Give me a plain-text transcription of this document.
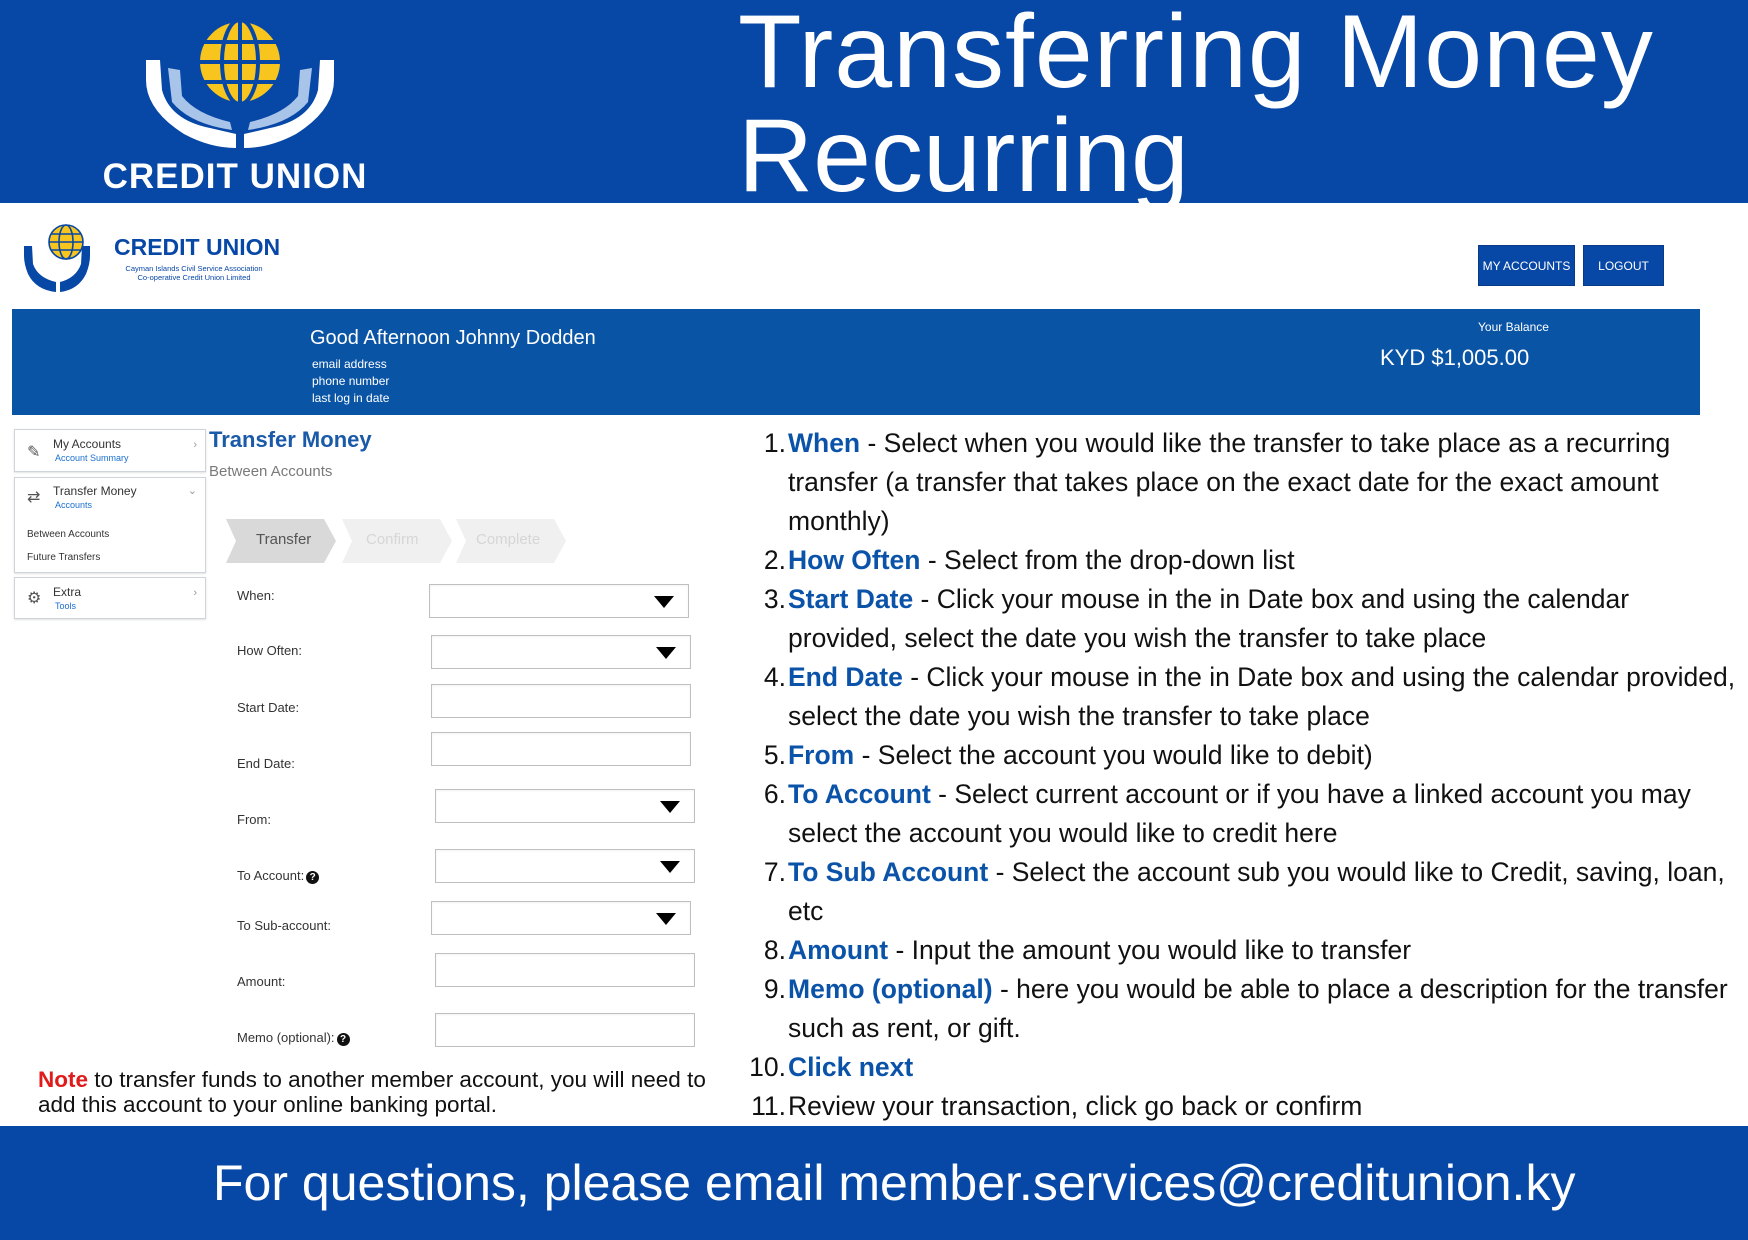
CREDIT UNION
Transferring Money
Recurring
CREDIT UNION
Cayman Islands Civil Service Association
Co-operative Credit Union Limited
MY ACCOUNTS	LOGOUT
Good Afternoon Johnny Dodden
email address
phone number
last log in date
Your Balance
KYD $1,005.00
✎	My Accounts
Account Summary
›
⇄	Transfer Money
Accounts
⌄
Between Accounts
Future Transfers
⚙ Extra
Tools
›
Transfer Money
Between Accounts
Transfer	Confirm	Complete
When:
How Often:
Start Date:
End Date:
From:
To Account: ?
To Sub-account:
Amount:
Memo (optional): ?
Note to transfer funds to another member account, you will need to add this account to your online banking portal.
1. When - Select when you would like the transfer to take place as a recurring transfer (a transfer that takes place on the exact date for the exact amount monthly)
2. How Often - Select from the drop-down list
3. Start Date - Click your mouse in the in Date box and using the calendar provided, select the date you wish the transfer to take place
4. End Date - Click your mouse in the in Date box and using the calendar provided, select the date you wish the transfer to take place
5. From - Select the account you would like to debit)
6. To Account - Select current account or if you have a linked account you may select the account you would like to credit here
7. To Sub Account - Select the account sub you would like to Credit, saving, loan, etc
8. Amount - Input the amount you would like to transfer
9. Memo (optional) - here you would be able to place a description for the transfer such as rent, or gift.
10. Click next
11. Review your transaction, click go back or confirm
For questions, please email member.services@creditunion.ky
